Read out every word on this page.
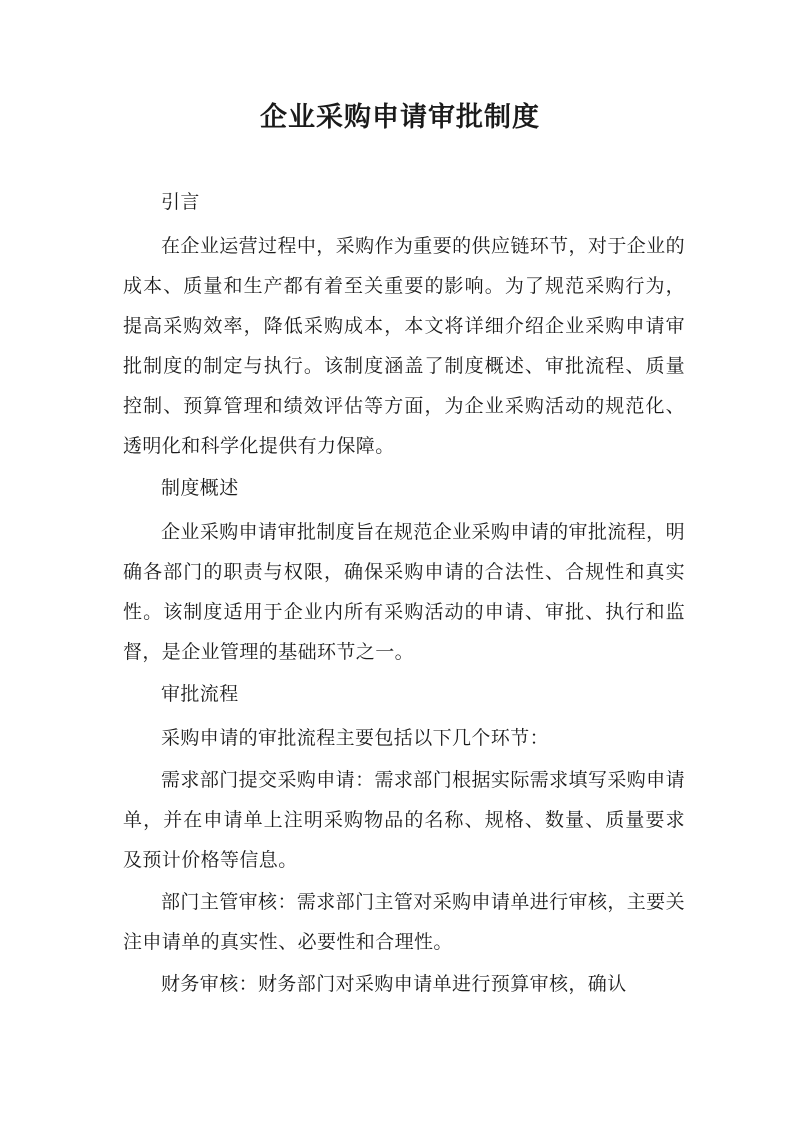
企业采购申请审批制度

引言

在企业运营过程中，采购作为重要的供应链环节，对于企业的成本、质量和生产都有着至关重要的影响。为了规范采购行为，提高采购效率，降低采购成本，本文将详细介绍企业采购申请审批制度的制定与执行。该制度涵盖了制度概述、审批流程、质量控制、预算管理和绩效评估等方面，为企业采购活动的规范化、透明化和科学化提供有力保障。

制度概述

企业采购申请审批制度旨在规范企业采购申请的审批流程，明确各部门的职责与权限，确保采购申请的合法性、合规性和真实性。该制度适用于企业内所有采购活动的申请、审批、执行和监督，是企业管理的基础环节之一。

审批流程

采购申请的审批流程主要包括以下几个环节：

需求部门提交采购申请：需求部门根据实际需求填写采购申请单，并在申请单上注明采购物品的名称、规格、数量、质量要求及预计价格等信息。

部门主管审核：需求部门主管对采购申请单进行审核，主要关注申请单的真实性、必要性和合理性。

财务审核：财务部门对采购申请单进行预算审核，确认
